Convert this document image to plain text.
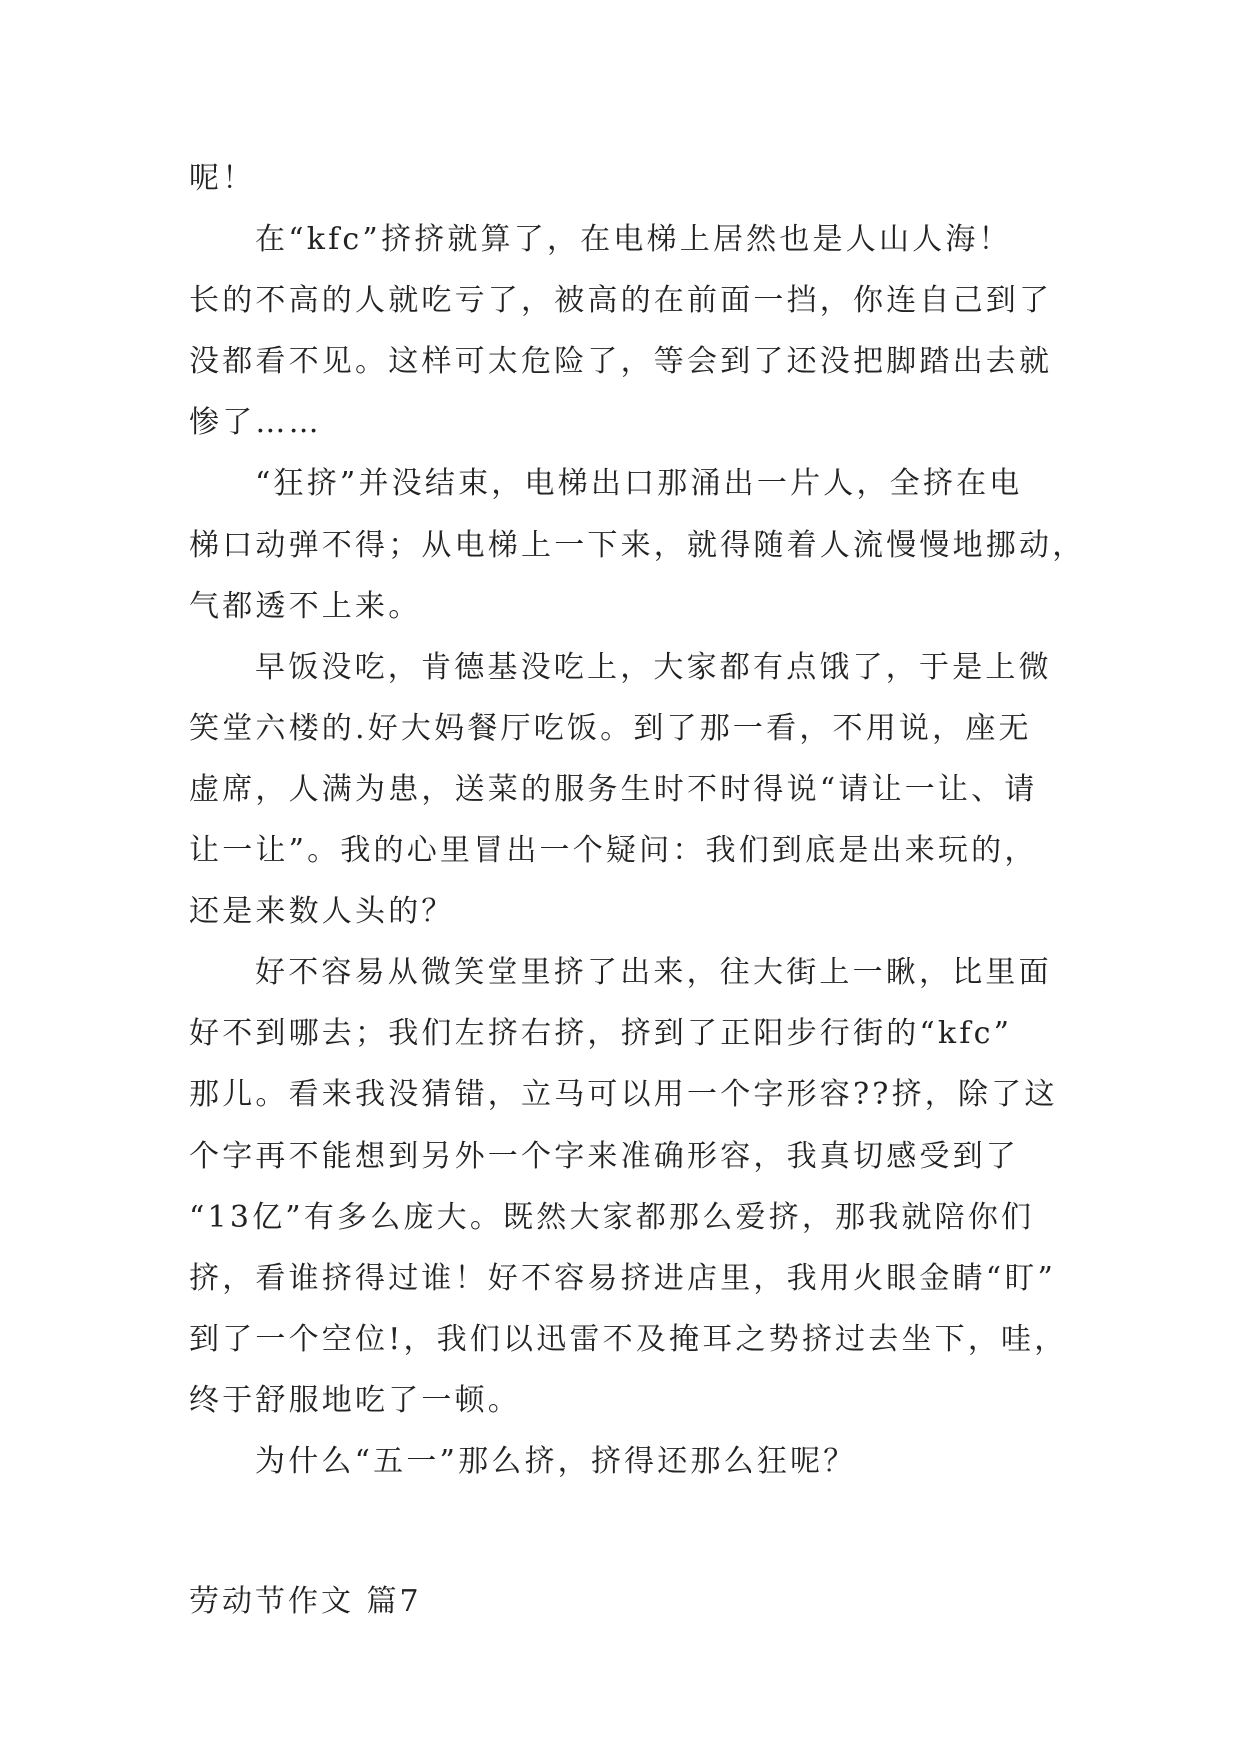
呢！
在“kfc”挤挤就算了，在电梯上居然也是人山人海！
长的不高的人就吃亏了，被高的在前面一挡，你连自己到了
没都看不见。这样可太危险了，等会到了还没把脚踏出去就
惨了……
“狂挤”并没结束，电梯出口那涌出一片人，全挤在电
梯口动弹不得；从电梯上一下来，就得随着人流慢慢地挪动，
气都透不上来。
早饭没吃，肯德基没吃上，大家都有点饿了，于是上微
笑堂六楼的.好大妈餐厅吃饭。到了那一看，不用说，座无
虚席，人满为患，送菜的服务生时不时得说“请让一让、请
让一让”。我的心里冒出一个疑问：我们到底是出来玩的，
还是来数人头的？
好不容易从微笑堂里挤了出来，往大街上一瞅，比里面
好不到哪去；我们左挤右挤，挤到了正阳步行街的“kfc”
那儿。看来我没猜错，立马可以用一个字形容??挤，除了这
个字再不能想到另外一个字来准确形容，我真切感受到了
“13亿”有多么庞大。既然大家都那么爱挤，那我就陪你们
挤，看谁挤得过谁！好不容易挤进店里，我用火眼金睛“盯”
到了一个空位!，我们以迅雷不及掩耳之势挤过去坐下，哇，
终于舒服地吃了一顿。
为什么“五一”那么挤，挤得还那么狂呢？
劳动节作文 篇7
